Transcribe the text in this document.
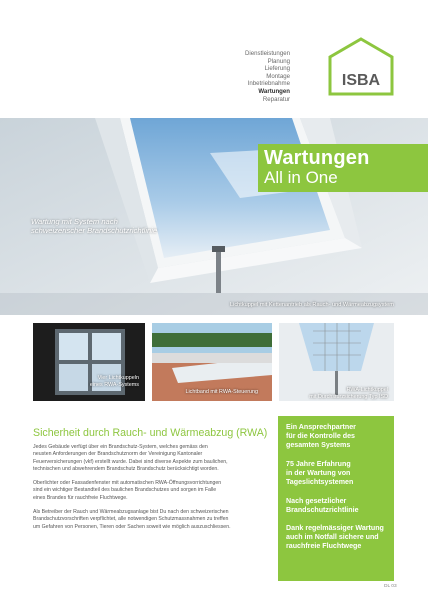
Dienstleistungen
Planung
Lieferung
Montage
Inbetriebnahme
Wartungen
Reparatur
ISBA
Wartungen
All in One
Wartung mit System nach
schweizerischer Brandschutzrichtlinie
Lichtkuppel mit Kettenantrieb als Rauch- und Wärmeabzugsystem
Vier Lichtkuppeln
eines RWA-Systems
Lichtband mit RWA-Steuerung	RWA-Lichtkuppel
mit Durchsturzsicherung Typ ISD
Sicherheit durch Rauch- und Wärmeabzug (RWA)
Jedes Gebäude verfügt über ein Brandschutz-System, welches gemäss den
neusten Anforderungen der Brandschutznorm der Vereinigung Kantonaler
Feuerversicherungen (vkf) erstellt wurde. Dabei sind diverse Aspekte zum baulichen,
technischen und abwehrendem Brandschutz Brandschutz berücksichtigt worden.
Oberlichter oder Fassadenfenster mit automatischen RWA-Öffnungsvorrichtungen
sind ein wichtiger Bestandteil des baulichen Brandschutzes und sorgen im Falle
eines Brandes für rauchfreie Fluchtwege.
Als Betreiber der Rauch und Wärmeabzugsanlage bist Du nach den schweizerischen
Brandschutzvorschriften verpflichtet, alle notwendigen Schutzmassnahmen zu treffen
um Gefahren von Personen, Tieren oder Sachen soweit wie möglich auszuschliessen.
Ein Ansprechpartner
für die Kontrolle des
gesamten Systems
75 Jahre Erfahrung
in der Wartung von
Tageslichtsystemen
Nach gesetzlicher
Brandschutzrichtlinie
Dank regelmässiger Wartung
auch im Notfall sichere und
rauchfreie Fluchtwege
DL 03
